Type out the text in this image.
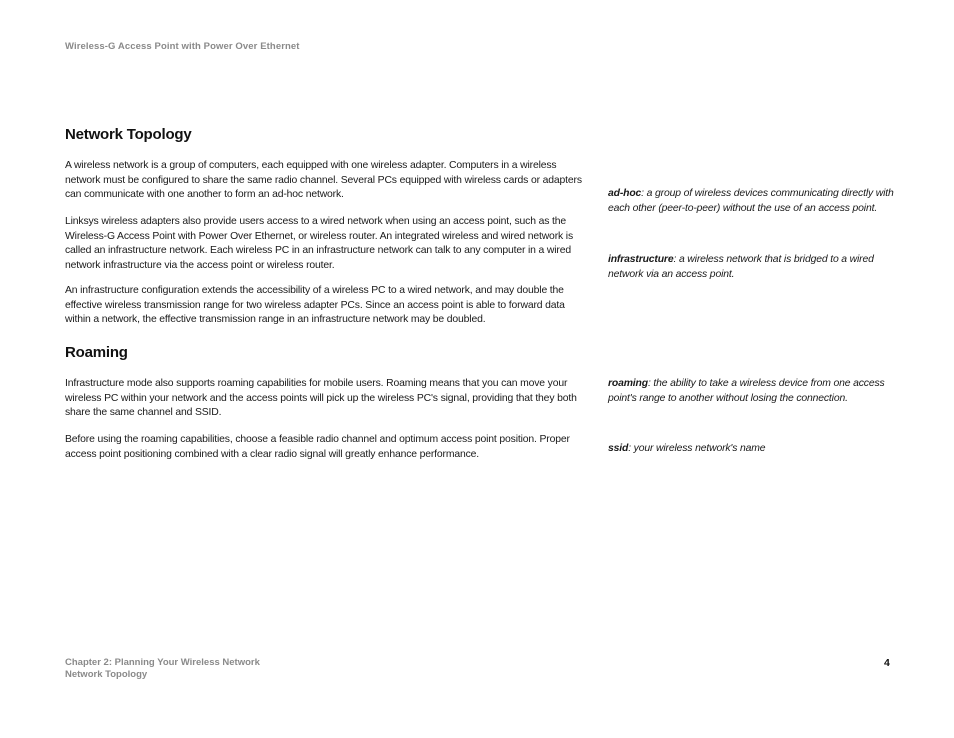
Wireless-G Access Point with Power Over Ethernet
Network Topology

A wireless network is a group of computers, each equipped with one wireless adapter. Computers in a wireless network must be configured to share the same radio channel. Several PCs equipped with wireless cards or adapters can communicate with one another to form an ad-hoc network.

Linksys wireless adapters also provide users access to a wired network when using an access point, such as the Wireless-G Access Point with Power Over Ethernet, or wireless router. An integrated wireless and wired network is called an infrastructure network. Each wireless PC in an infrastructure network can talk to any computer in a wired network infrastructure via the access point or wireless router.

An infrastructure configuration extends the accessibility of a wireless PC to a wired network, and may double the effective wireless transmission range for two wireless adapter PCs. Since an access point is able to forward data within a network, the effective transmission range in an infrastructure network may be doubled.

Roaming

Infrastructure mode also supports roaming capabilities for mobile users. Roaming means that you can move your wireless PC within your network and the access points will pick up the wireless PC's signal, providing that they both share the same channel and SSID.

Before using the roaming capabilities, choose a feasible radio channel and optimum access point position. Proper access point positioning combined with a clear radio signal will greatly enhance performance.

ad-hoc: a group of wireless devices communicating directly with each other (peer-to-peer) without the use of an access point.

infrastructure: a wireless network that is bridged to a wired network via an access point.

roaming: the ability to take a wireless device from one access point's range to another without losing the connection.

ssid: your wireless network's name

Chapter 2: Planning Your Wireless Network
Network Topology
4
